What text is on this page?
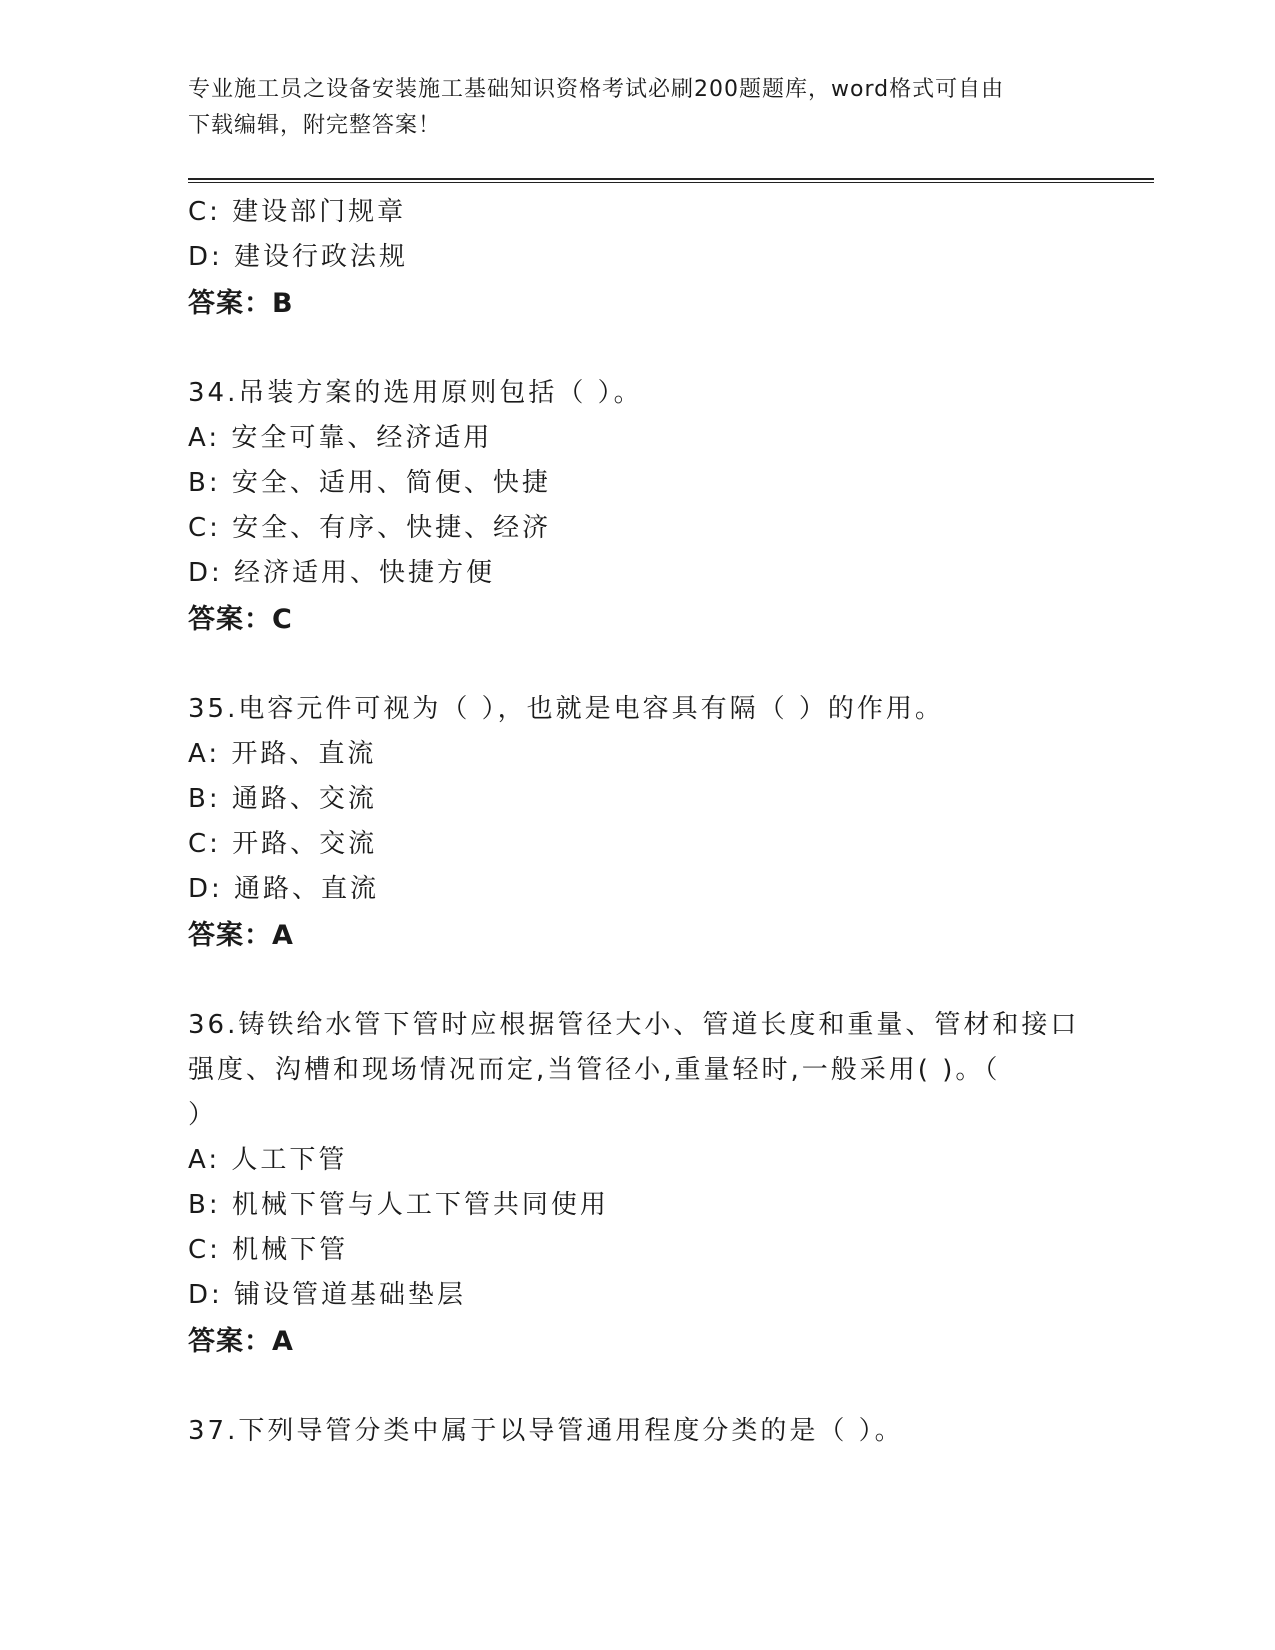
专业施工员之设备安装施工基础知识资格考试必刷200题题库，word格式可自由
下载编辑，附完整答案！
C: 建设部门规章
D: 建设行政法规
答案：B
34.吊装方案的选用原则包括（ ）。
A: 安全可靠、经济适用
B: 安全、适用、简便、快捷
C: 安全、有序、快捷、经济
D: 经济适用、快捷方便
答案：C
35.电容元件可视为（ ），也就是电容具有隔（ ）的作用。
A: 开路、直流
B: 通路、交流
C: 开路、交流
D: 通路、直流
答案：A
36.铸铁给水管下管时应根据管径大小、管道长度和重量、管材和接口
强度、沟槽和现场情况而定,当管径小,重量轻时,一般采用( )。（
）
A: 人工下管
B: 机械下管与人工下管共同使用
C: 机械下管
D: 铺设管道基础垫层
答案：A
37.下列导管分类中属于以导管通用程度分类的是（ ）。
